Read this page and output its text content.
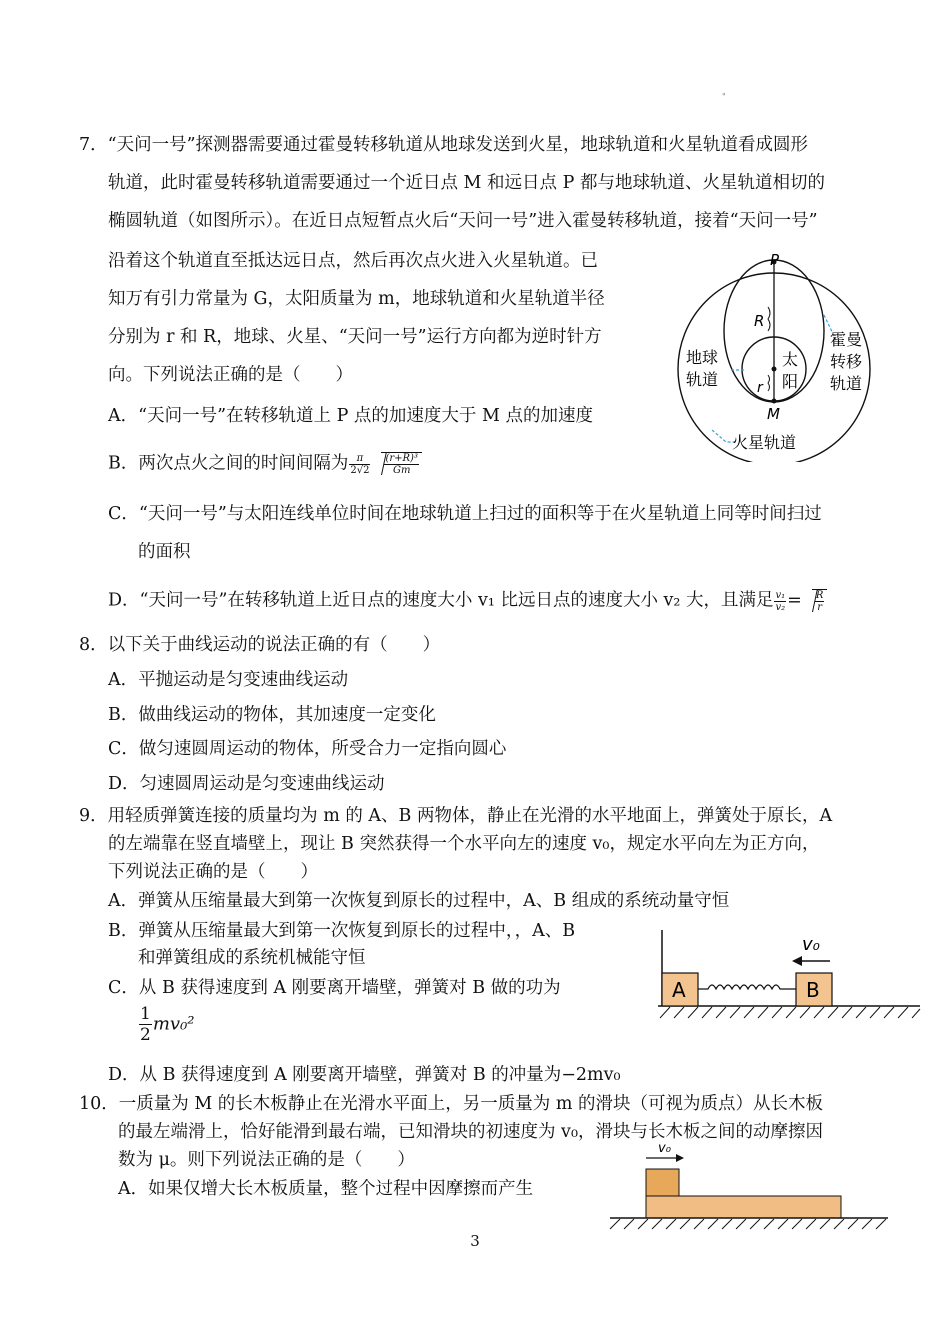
"
7．“天问一号”探测器需要通过霍曼转移轨道从地球发送到火星，地球轨道和火星轨道看成圆形
轨道，此时霍曼转移轨道需要通过一个近日点 M 和远日点 P 都与地球轨道、火星轨道相切的
椭圆轨道（如图所示）。在近日点短暂点火后“天问一号”进入霍曼转移轨道，接着“天问一号”
沿着这个轨道直至抵达远日点，然后再次点火进入火星轨道。已
知万有引力常量为 G，太阳质量为 m，地球轨道和火星轨道半径
分别为 r 和 R，地球、火星、“天问一号”运行方向都为逆时针方
向。下列说法正确的是（　　）
A．“天问一号”在转移轨道上 P 点的加速度大于 M 点的加速度
B．两次点火之间的时间间隔为 $\frac{\pi}{2√2} \frac{\text{(r+R)³}}{Gm}$
C．“天问一号”与太阳连线单位时间在地球轨道上扫过的面积等于在火星轨道上同等时间扫过
的面积
D．“天问一号”在转移轨道上近日点的速度大小 v₁ 比远日点的速度大小 v₂ 大，且满足 $\frac{\text{v₁}}{\text{v₂}} = \frac{R}{r}$
P
M
R
r
太
阳
地球
轨道
霍曼
转移
轨道
火星轨道
8．以下关于曲线运动的说法正确的有（　　）
A．平抛运动是匀变速曲线运动
B．做曲线运动的物体，其加速度一定变化
C．做匀速圆周运动的物体，所受合力一定指向圆心
D．匀速圆周运动是匀变速曲线运动
9．用轻质弹簧连接的质量均为 m 的 A、B 两物体，静止在光滑的水平地面上，弹簧处于原长，A
的左端靠在竖直墙壁上，现让 B 突然获得一个水平向左的速度 v₀，规定水平向左为正方向，
下列说法正确的是（　　）
A．弹簧从压缩量最大到第一次恢复到原长的过程中，A、B 组成的系统动量守恒
B．弹簧从压缩量最大到第一次恢复到原长的过程中，，A、B
和弹簧组成的系统机械能守恒
C．从 B 获得速度到 A 刚要离开墙壁，弹簧对 B 做的功为
$\frac{1}{2} mv_0^2$
D．从 B 获得速度到 A 刚要离开墙壁，弹簧对 B 的冲量为−2mv₀
A	B
v₀
10．一质量为 M 的长木板静止在光滑水平面上，另一质量为 m 的滑块（可视为质点）从长木板
的最左端滑上，恰好能滑到最右端，已知滑块的初速度为 v₀，滑块与长木板之间的动摩擦因
数为 μ。则下列说法正确的是（　　）
A．如果仅增大长木板质量，整个过程中因摩擦而产生
v₀
3
